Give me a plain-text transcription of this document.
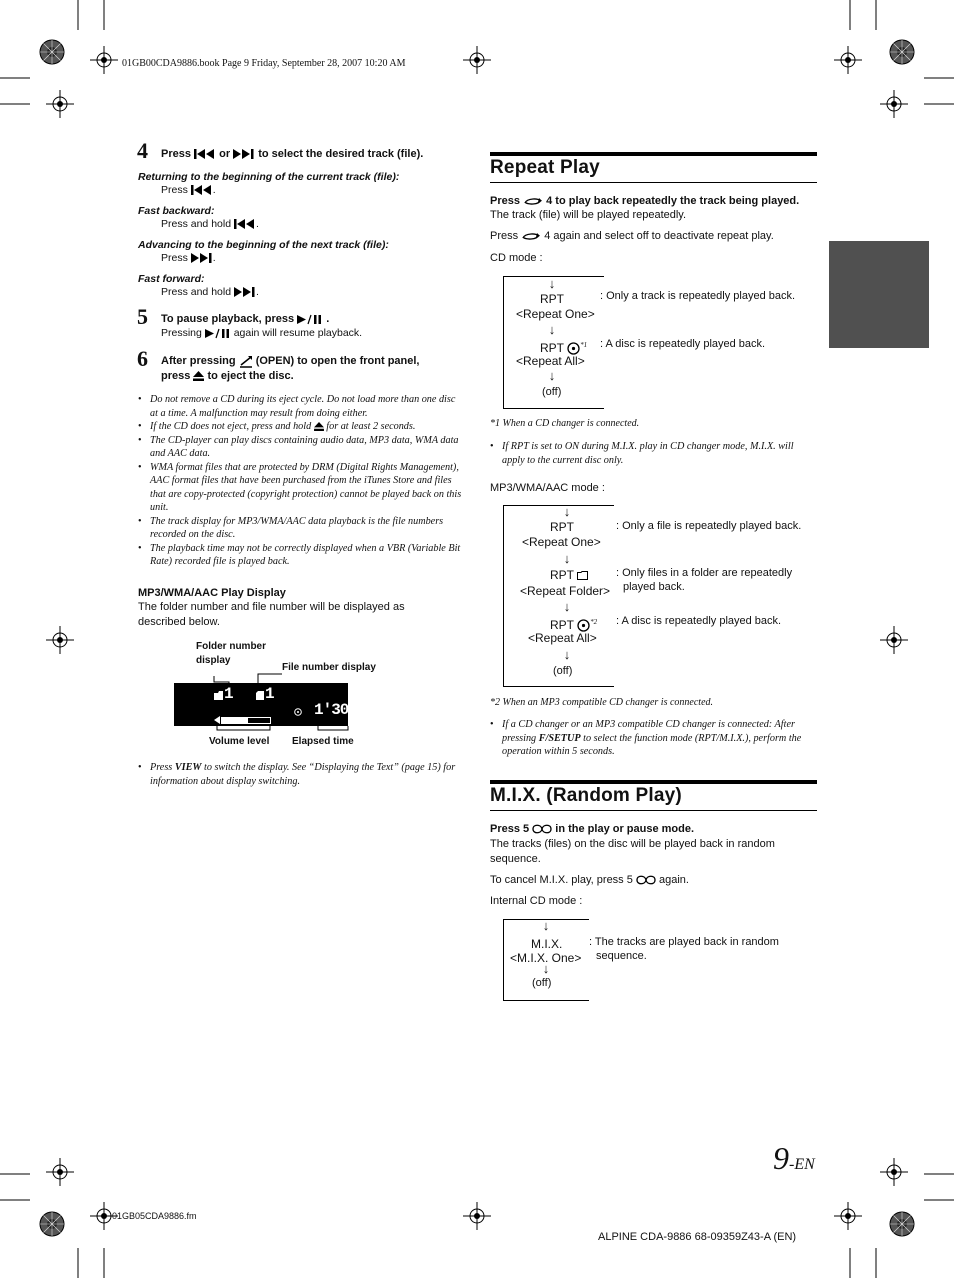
01GB00CDA9886.book Page 9 Friday, September 28, 2007 10:20 AM
4 Press	or	to select the desired track (file).
Returning to the beginning of the current track (file):
Press .
Fast backward:
Press and hold .
Advancing to the beginning of the next track (file):
Press .
Fast forward:
Press and hold .
5 To pause playback, press	.
Pressing	again will resume playback.
6 After pressing (OPEN) to open the front panel,
press to eject the disc.
• Do not remove a CD during its eject cycle. Do not load more than one disc at a time. A malfunction may result from doing either.
• If the CD does not eject, press and hold for at least 2 seconds.
• The CD-player can play discs containing audio data, MP3 data, WMA data and AAC data.
• WMA format files that are protected by DRM (Digital Rights Management), AAC format files that have been purchased from the iTunes Store and files that are copy-protected (copyright protection) cannot be played back on this unit.
• The track display for MP3/WMA/AAC data playback is the file numbers recorded on the disc.
• The playback time may not be correctly displayed when a VBR (Variable Bit Rate) recorded file is played back.
MP3/WMA/AAC Play Display
The folder number and file number will be displayed as described below.
Folder number display
File number display
1 1
1'30
Volume level Elapsed time
• Press VIEW to switch the display. See “Displaying the Text” (page 15) for information about display switching.
Repeat Play
Press 4 to play back repeatedly the track being played.
The track (file) will be played repeatedly.
Press 4 again and select off to deactivate repeat play.
CD mode :
↓
RPT
<Repeat One>
: Only a track is repeatedly played back.
↓
RPT $^{*1}$
<Repeat All>
: A disc is repeatedly played back.
↓
(off)
*1 When a CD changer is connected.
• If RPT is set to ON during M.I.X. play in CD changer mode, M.I.X. will apply to the current disc only.
MP3/WMA/AAC mode :
↓
RPT
<Repeat One>
: Only a file is repeatedly played back.
↓
RPT
<Repeat Folder>
: Only files in a folder are repeatedly
played back.
↓
RPT $^{*2}$
<Repeat All>
: A disc is repeatedly played back.
↓
(off)
*2 When an MP3 compatible CD changer is connected.
• If a CD changer or an MP3 compatible CD changer is connected: After pressing F/SETUP to select the function mode (RPT/M.I.X.), perform the operation within 5 seconds.
M.I.X. (Random Play)
Press 5 in the play or pause mode.
The tracks (files) on the disc will be played back in random sequence.
To cancel M.I.X. play, press 5 again.
Internal CD mode :
↓
M.I.X.
<M.I.X. One>
: The tracks are played back in random
sequence.
↓
(off)
9-EN
01GB05CDA9886.fm
ALPINE CDA-9886 68-09359Z43-A (EN)
